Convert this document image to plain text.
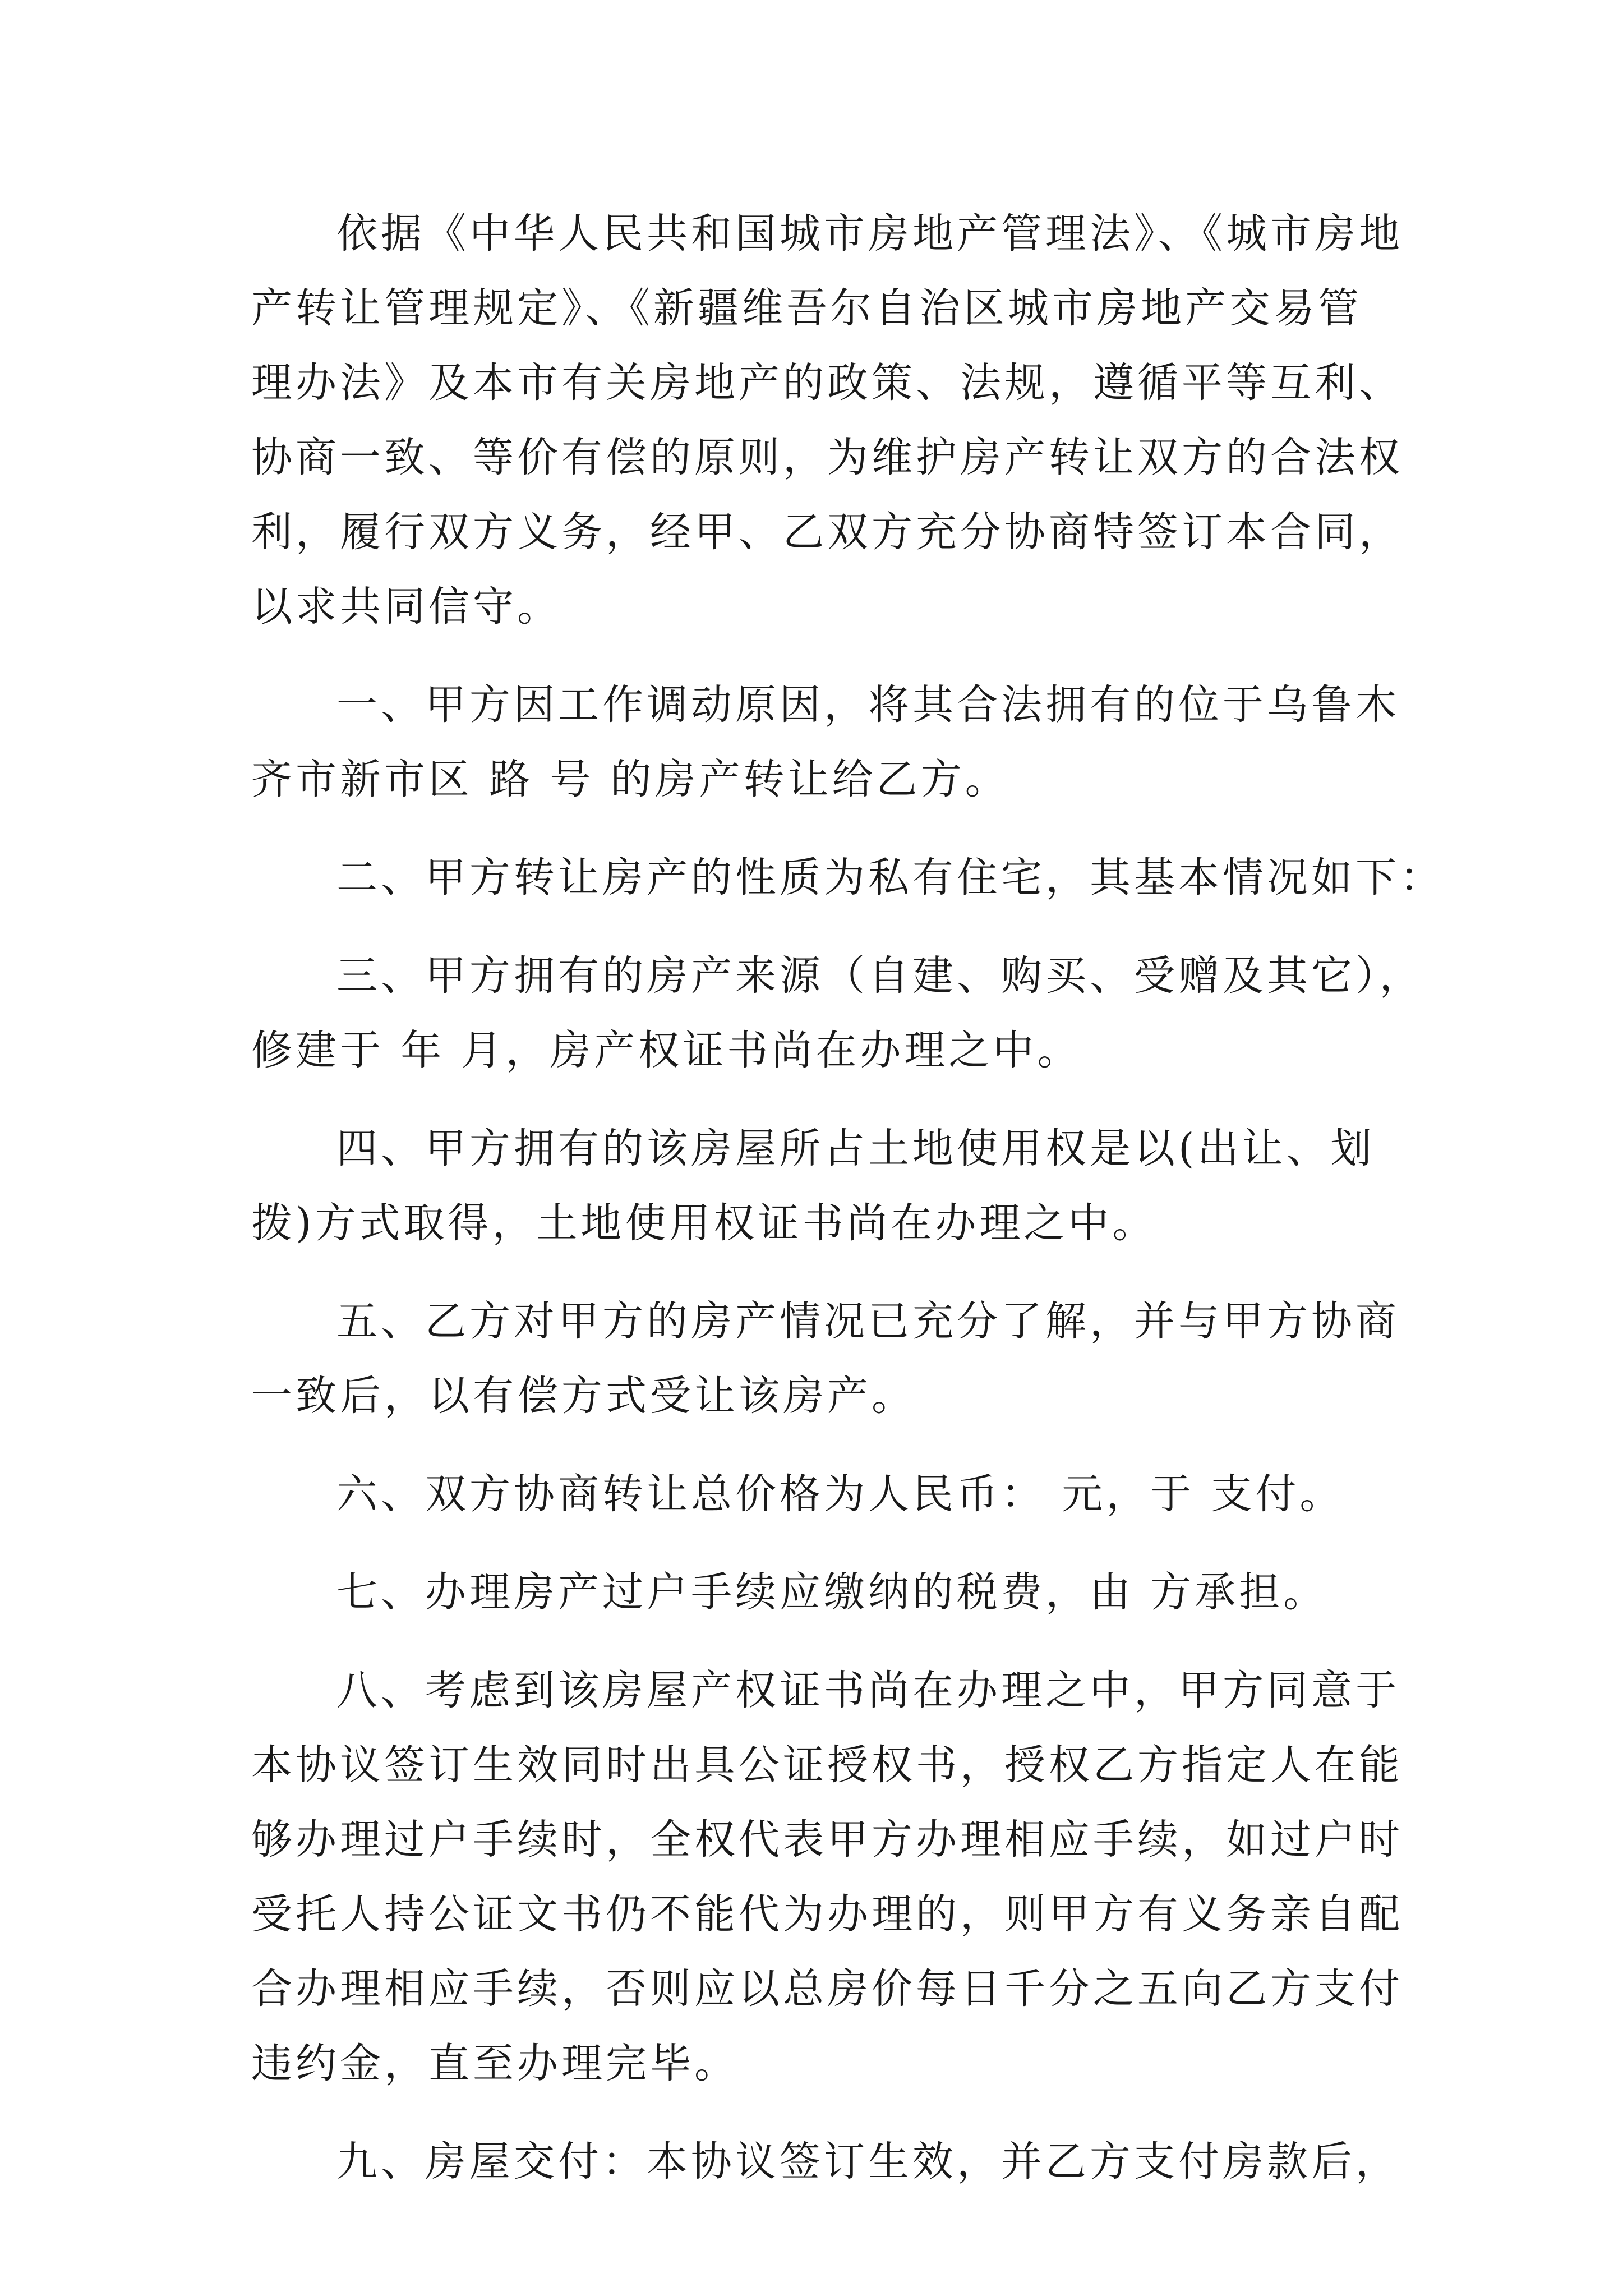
依据《中华人民共和国城市房地产管理法》、《城市房地
产转让管理规定》、《新疆维吾尔自治区城市房地产交易管
理办法》及本市有关房地产的政策、法规，遵循平等互利、
协商一致、等价有偿的原则，为维护房产转让双方的合法权
利，履行双方义务，经甲、乙双方充分协商特签订本合同，
以求共同信守。
一、甲方因工作调动原因，将其合法拥有的位于乌鲁木
齐市新市区 路 号 的房产转让给乙方。
二、甲方转让房产的性质为私有住宅，其基本情况如下：
三、甲方拥有的房产来源（自建、购买、受赠及其它），
修建于 年 月，房产权证书尚在办理之中。
四、甲方拥有的该房屋所占土地使用权是以(出让、划
拨)方式取得，土地使用权证书尚在办理之中。
五、乙方对甲方的房产情况已充分了解，并与甲方协商
一致后，以有偿方式受让该房产。
六、双方协商转让总价格为人民币： 元，于 支付。
七、办理房产过户手续应缴纳的税费，由 方承担。
八、考虑到该房屋产权证书尚在办理之中，甲方同意于
本协议签订生效同时出具公证授权书，授权乙方指定人在能
够办理过户手续时，全权代表甲方办理相应手续，如过户时
受托人持公证文书仍不能代为办理的，则甲方有义务亲自配
合办理相应手续，否则应以总房价每日千分之五向乙方支付
违约金，直至办理完毕。
九、房屋交付：本协议签订生效，并乙方支付房款后，
